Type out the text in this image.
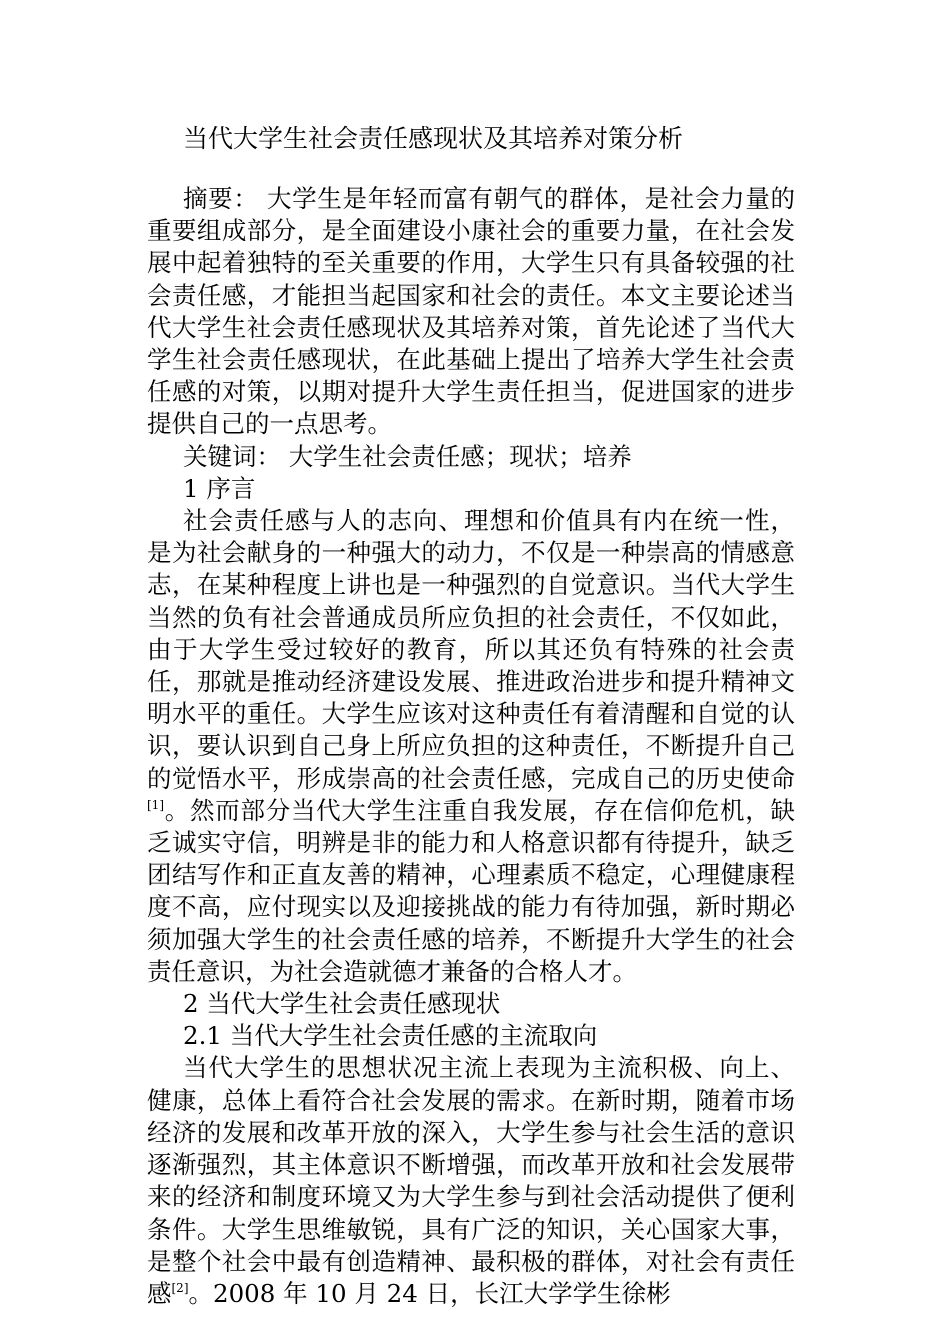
当代大学生社会责任感现状及其培养对策分析

摘要： 大学生是年轻而富有朝气的群体，是社会力量的重要组成部分，是全面建设小康社会的重要力量，在社会发展中起着独特的至关重要的作用，大学生只有具备较强的社会责任感，才能担当起国家和社会的责任。本文主要论述当代大学生社会责任感现状及其培养对策，首先论述了当代大学生社会责任感现状，在此基础上提出了培养大学生社会责任感的对策，以期对提升大学生责任担当，促进国家的进步提供自己的一点思考。

关键词： 大学生社会责任感；现状；培养

1 序言

社会责任感与人的志向、理想和价值具有内在统一性，是为社会献身的一种强大的动力，不仅是一种崇高的情感意志，在某种程度上讲也是一种强烈的自觉意识。当代大学生当然的负有社会普通成员所应负担的社会责任，不仅如此，由于大学生受过较好的教育，所以其还负有特殊的社会责任，那就是推动经济建设发展、推进政治进步和提升精神文明水平的重任。大学生应该对这种责任有着清醒和自觉的认识，要认识到自己身上所应负担的这种责任，不断提升自己的觉悟水平，形成崇高的社会责任感，完成自己的历史使命[1]。然而部分当代大学生注重自我发展，存在信仰危机，缺乏诚实守信，明辨是非的能力和人格意识都有待提升，缺乏团结写作和正直友善的精神，心理素质不稳定，心理健康程度不高，应付现实以及迎接挑战的能力有待加强，新时期必须加强大学生的社会责任感的培养，不断提升大学生的社会责任意识，为社会造就德才兼备的合格人才。

2 当代大学生社会责任感现状

2.1 当代大学生社会责任感的主流取向

当代大学生的思想状况主流上表现为主流积极、向上、健康，总体上看符合社会发展的需求。在新时期，随着市场经济的发展和改革开放的深入，大学生参与社会生活的意识逐渐强烈，其主体意识不断增强，而改革开放和社会发展带来的经济和制度环境又为大学生参与到社会活动提供了便利条件。大学生思维敏锐，具有广泛的知识，关心国家大事，是整个社会中最有创造精神、最积极的群体，对社会有责任感[2]。2008 年 10 月 24 日，长江大学学生徐彬
